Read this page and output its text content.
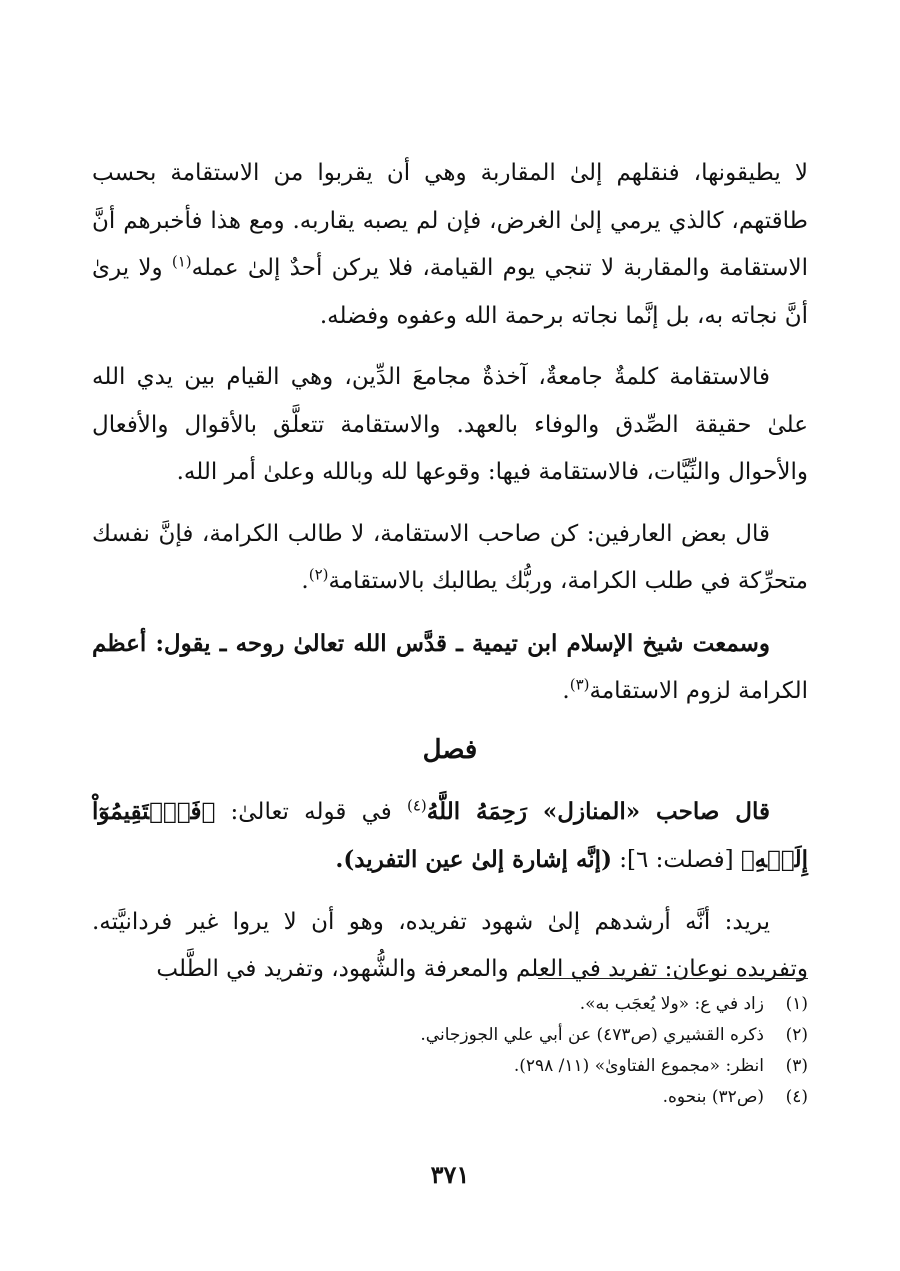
لا يطيقونها، فنقلهم إلىٰ المقاربة وهي أن يقربوا من الاستقامة بحسب طاقتهم، كالذي يرمي إلىٰ الغرض، فإن لم يصبه يقاربه. ومع هذا فأخبرهم أنَّ الاستقامة والمقاربة لا تنجي يوم القيامة، فلا يركن أحدٌ إلىٰ عمله$^{(١)}$ ولا يرىٰ أنَّ نجاته به، بل إنَّما نجاته برحمة الله وعفوه وفضله.

فالاستقامة كلمةٌ جامعةٌ، آخذةٌ مجامعَ الدِّين، وهي القيام بين يدي الله علىٰ حقيقة الصِّدق والوفاء بالعهد. والاستقامة تتعلَّق بالأقوال والأفعال والأحوال والنِّيَّات، فالاستقامة فيها: وقوعها لله وبالله وعلىٰ أمر الله.

قال بعض العارفين: كن صاحب الاستقامة، لا طالب الكرامة، فإنَّ نفسك متحرِّكة في طلب الكرامة، وربُّك يطالبك بالاستقامة$^{(٢)}$.

وسمعت شيخ الإسلام ابن تيمية ـ قدَّس الله تعالىٰ روحه ـ يقول: أعظم الكرامة لزوم الاستقامة$^{(٣)}$.

فصل

قال صاحب «المنازل» رَحِمَهُ اللَّهُ$^{(٤)}$ في قوله تعالىٰ: ﴿فَٱسۡتَقِيمُوٓاْ إِلَيۡهِ﴾ [فصلت: ٦]: (إنَّه إشارة إلىٰ عين التفريد).

يريد: أنَّه أرشدهم إلىٰ شهود تفريده، وهو أن لا يروا غير فردانيَّته. وتفريده نوعان: تفريد في العلم والمعرفة والشُّهود، وتفريد في الطَّلب

(١)
زاد في ع: «ولا يُعجَب به».
(٢)
ذكره القشيري (ص٤٧٣) عن أبي علي الجوزجاني.
(٣)
انظر: «مجموع الفتاوىٰ» (١١/ ٢٩٨).
(٤)
(ص٣٢) بنحوه.
٣٧١
